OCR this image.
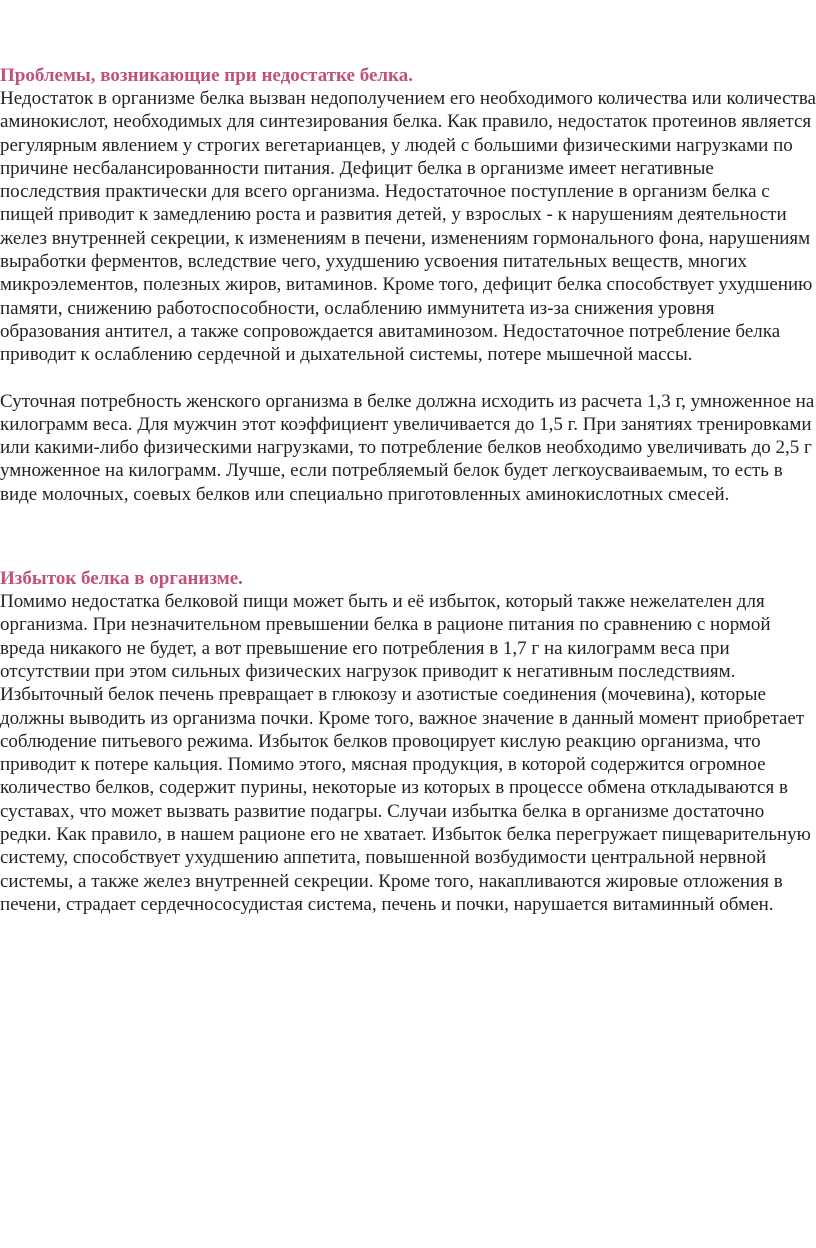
Проблемы, возникающие при недостатке белка.

Недостаток в организме белка вызван недополучением его необходимого количества или количества аминокислот, необходимых для синтезирования белка. Как правило, недостаток протеинов является регулярным явлением у строгих вегетарианцев, у людей с большими физическими нагрузками по причине несбалансированности питания. Дефицит белка в организме имеет негативные последствия практически для всего организма. Недостаточное поступление в организм белка с пищей приводит к замедлению роста и развития детей, у взрослых - к нарушениям деятельности желез внутренней секреции, к изменениям в печени, изменениям гормонального фона, нарушениям выработки ферментов, вследствие чего, ухудшению усвоения питательных веществ, многих микроэлементов, полезных жиров, витаминов. Кроме того, дефицит белка способствует ухудшению памяти, снижению работоспособности, ослаблению иммунитета из-за снижения уровня образования антител, а также сопровождается авитаминозом. Недостаточное потребление белка приводит к ослаблению сердечной и дыхательной системы, потере мышечной массы.

Суточная потребность женского организма в белке должна исходить из расчета 1,3 г, умноженное на килограмм веса. Для мужчин этот коэффициент увеличивается до 1,5 г. При занятиях тренировками или какими-либо физическими нагрузками, то потребление белков необходимо увеличивать до 2,5 г умноженное на килограмм. Лучше, если потребляемый белок будет легкоусваиваемым, то есть в виде молочных, соевых белков или специально приготовленных аминокислотных смесей.

Избыток белка в организме.

Помимо недостатка белковой пищи может быть и её избыток, который также нежелателен для организма. При незначительном превышении белка в рационе питания по сравнению с нормой вреда никакого не будет, а вот превышение его потребления в 1,7 г на килограмм веса при отсутствии при этом сильных физических нагрузок приводит к негативным последствиям. Избыточный белок печень превращает в глюкозу и азотистые соединения (мочевина), которые должны выводить из организма почки. Кроме того, важное значение в данный момент приобретает соблюдение питьевого режима. Избыток белков провоцирует кислую реакцию организма, что приводит к потере кальция. Помимо этого, мясная продукция, в которой содержится огромное количество белков, содержит пурины, некоторые из которых в процессе обмена откладываются в суставах, что может вызвать развитие подагры. Случаи избытка белка в организме достаточно редки. Как правило, в нашем рационе его не хватает. Избыток белка перегружает пищеварительную систему, способствует ухудшению аппетита, повышенной возбудимости центральной нервной системы, а также желез внутренней секреции. Кроме того, накапливаются жировые отложения в печени, страдает сердечнососудистая система, печень и почки, нарушается витаминный обмен.
